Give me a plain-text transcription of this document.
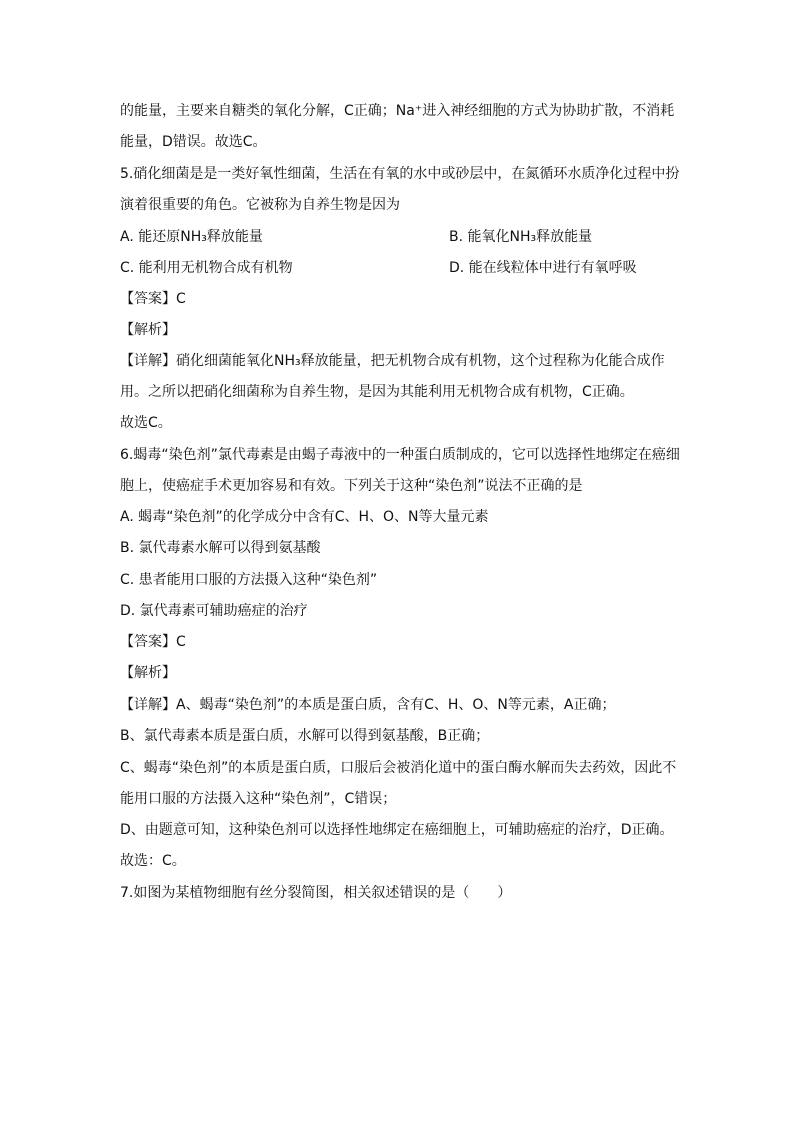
的能量，主要来自糖类的氧化分解，C正确；Na⁺进入神经细胞的方式为协助扩散，不消耗
能量，D错误。故选C。
5.硝化细菌是是一类好氧性细菌，生活在有氧的水中或砂层中，在氮循环水质净化过程中扮
演着很重要的角色。它被称为自养生物是因为
A. 能还原NH₃释放能量	B. 能氧化NH₃释放能量
C. 能利用无机物合成有机物	D. 能在线粒体中进行有氧呼吸
【答案】C
【解析】
【详解】硝化细菌能氧化NH₃释放能量，把无机物合成有机物，这个过程称为化能合成作
用。之所以把硝化细菌称为自养生物，是因为其能利用无机物合成有机物，C正确。
故选C。
6.蝎毒“染色剂”氯代毒素是由蝎子毒液中的一种蛋白质制成的，它可以选择性地绑定在癌细
胞上，使癌症手术更加容易和有效。下列关于这种“染色剂”说法不正确的是
A. 蝎毒“染色剂”的化学成分中含有C、H、O、N等大量元素
B. 氯代毒素水解可以得到氨基酸
C. 患者能用口服的方法摄入这种“染色剂”
D. 氯代毒素可辅助癌症的治疗
【答案】C
【解析】
【详解】A、蝎毒“染色剂”的本质是蛋白质，含有C、H、O、N等元素，A正确；
B、氯代毒素本质是蛋白质，水解可以得到氨基酸，B正确；
C、蝎毒“染色剂”的本质是蛋白质，口服后会被消化道中的蛋白酶水解而失去药效，因此不
能用口服的方法摄入这种“染色剂”，C错误；
D、由题意可知，这种染色剂可以选择性地绑定在癌细胞上，可辅助癌症的治疗，D正确。
故选：C。
7.如图为某植物细胞有丝分裂简图，相关叙述错误的是（　　）
